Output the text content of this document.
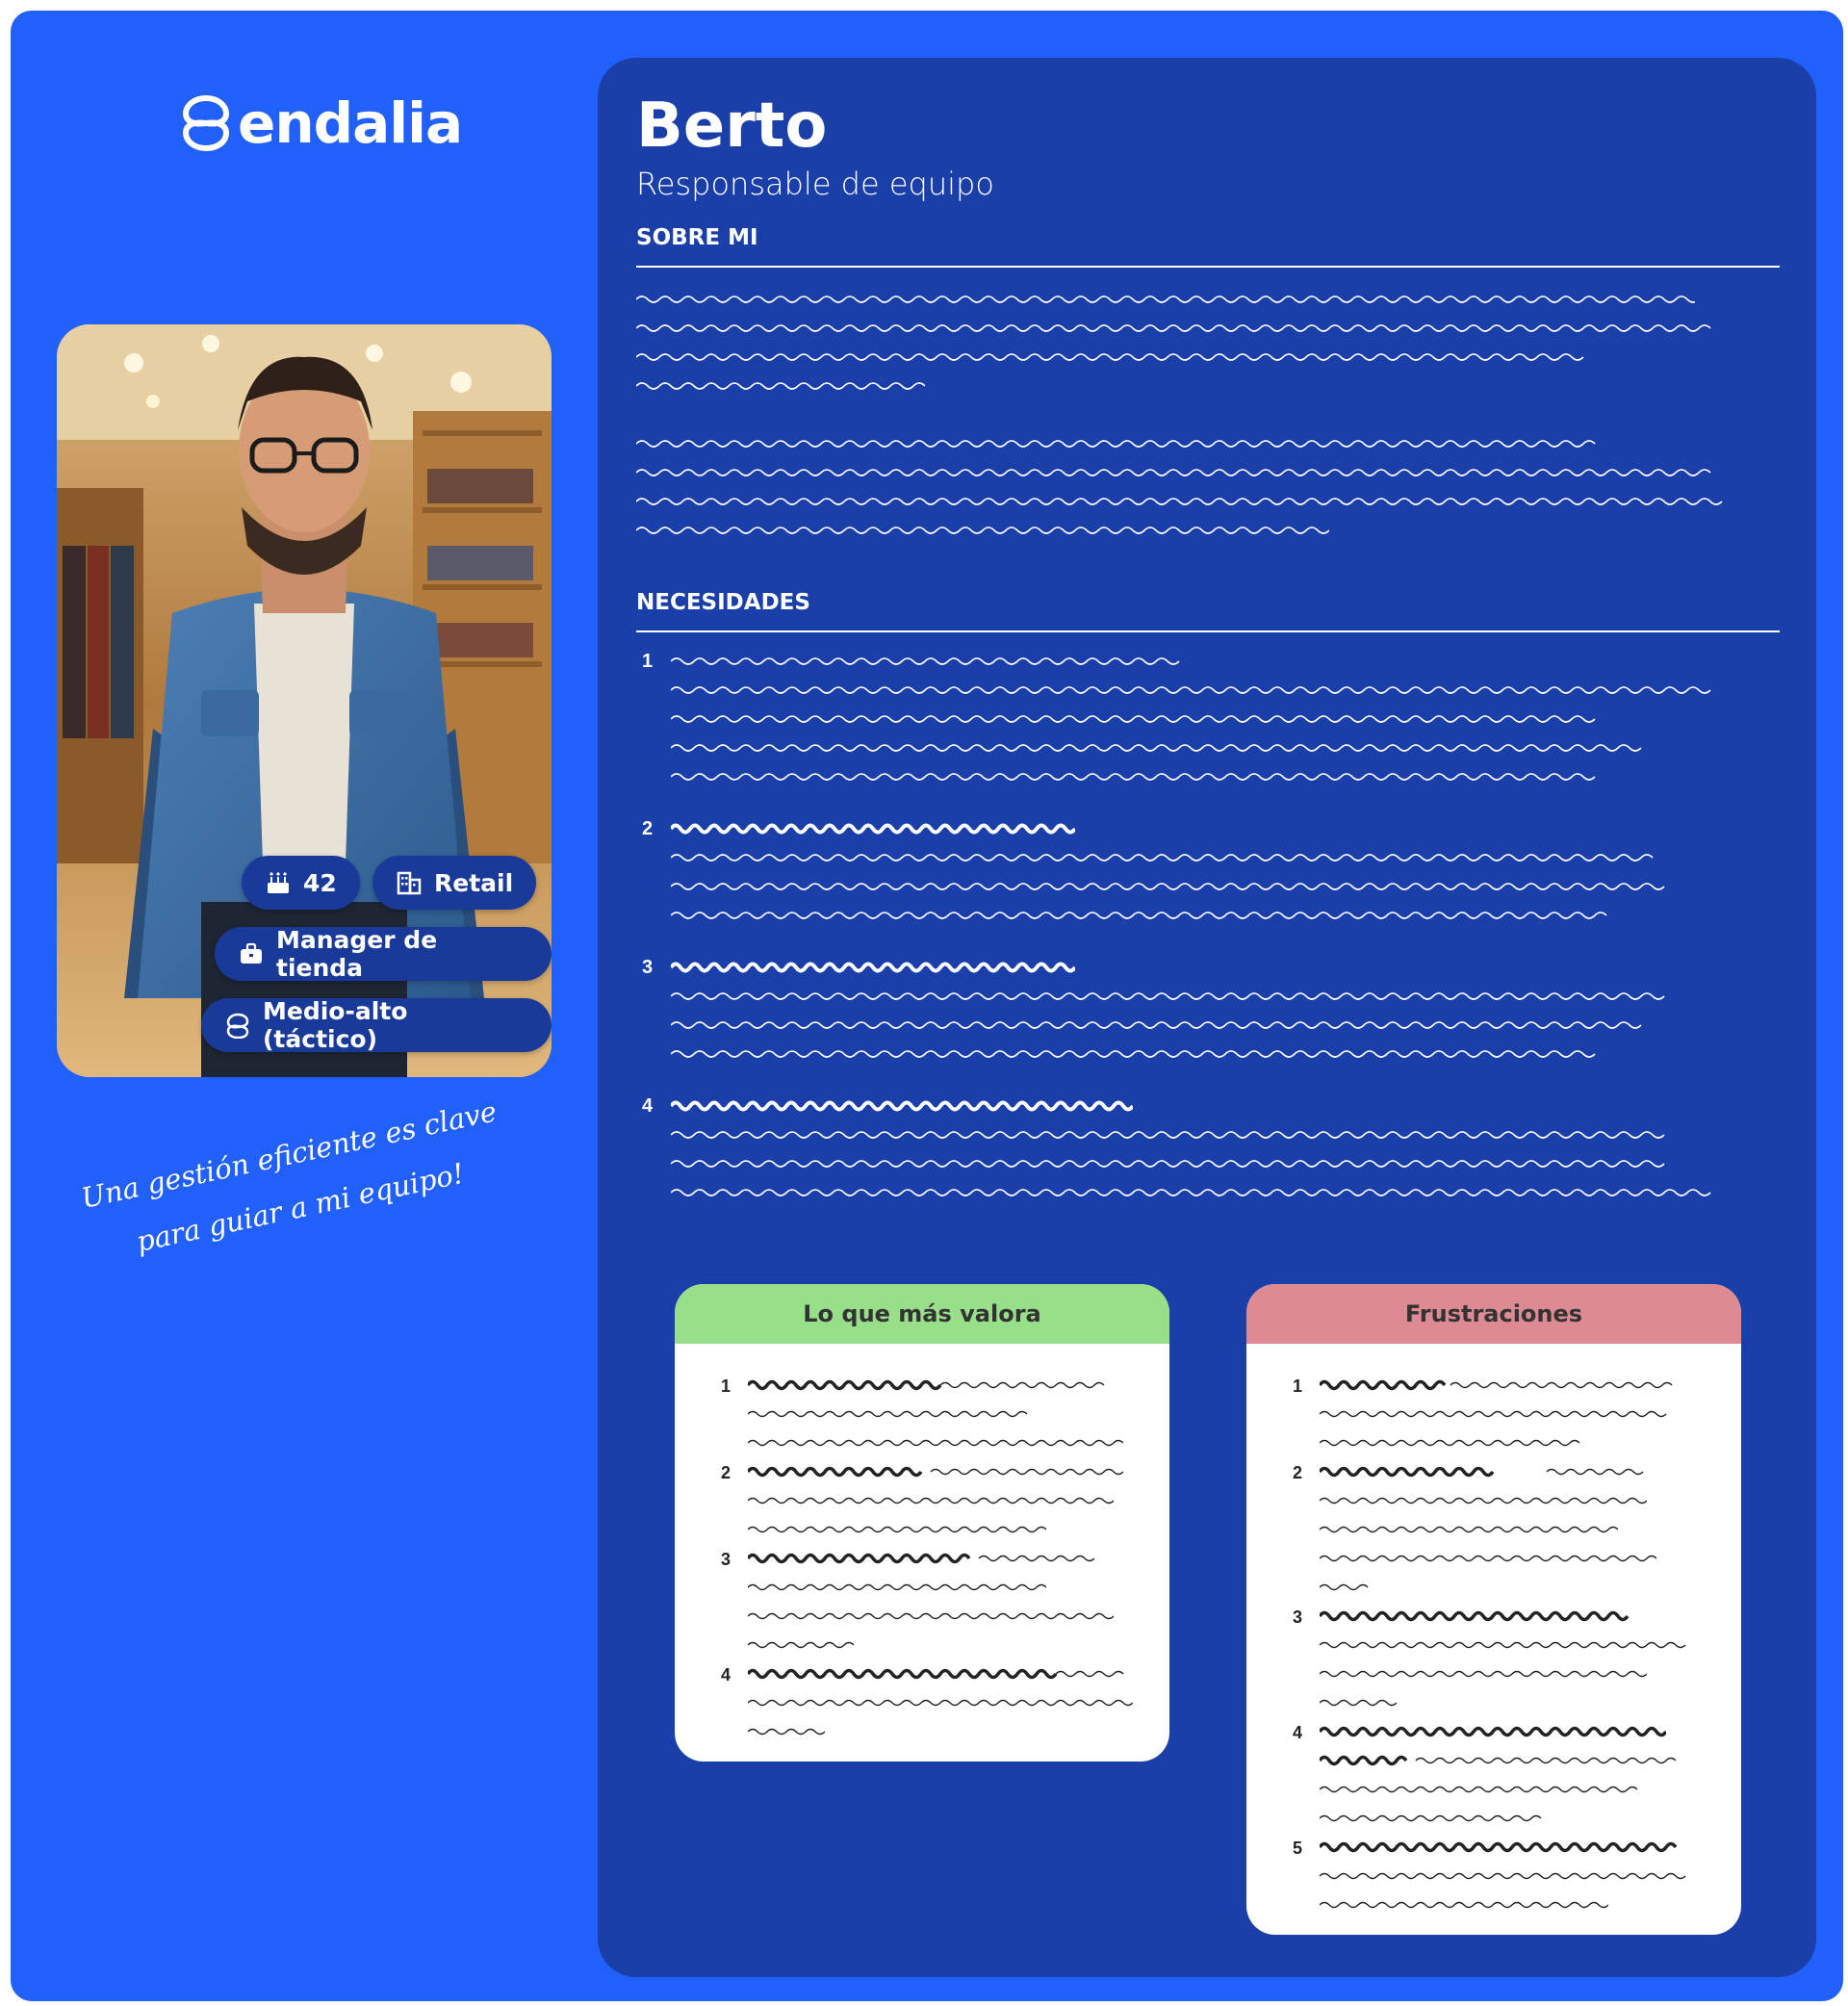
endalia
42	Retail
Manager de tienda
Medio-alto (táctico)
Una gestión eficiente es clave para guiar a mi equipo!
Berto
Responsable de equipo
SOBRE MI
NECESIDADES
1
2
3
4
Lo que más valora
1
2
3
4
Frustraciones
1
2
3
4
5
